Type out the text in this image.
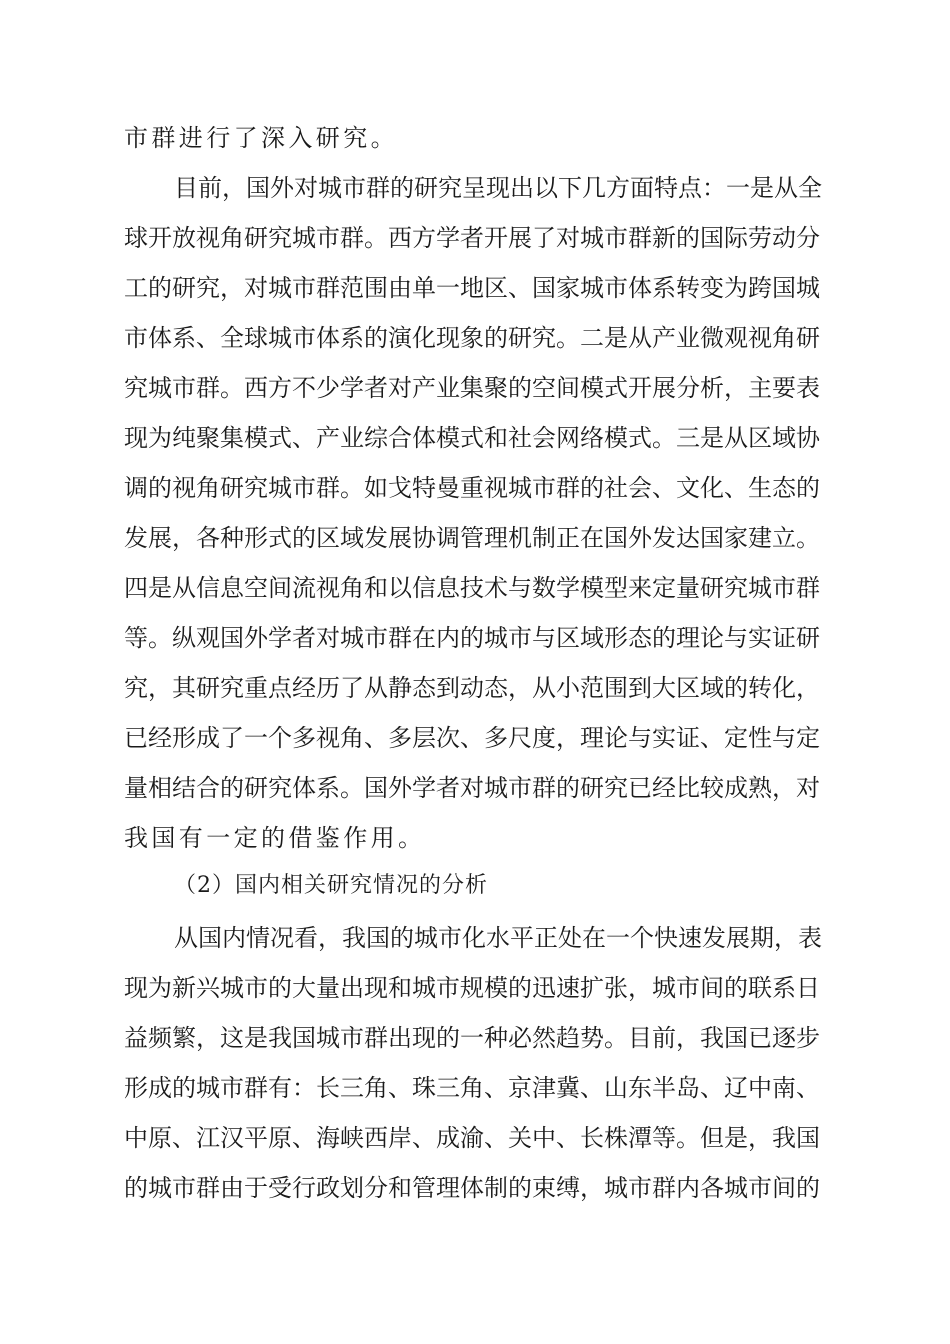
市群进行了深入研究。
目前，国外对城市群的研究呈现出以下几方面特点：一是从全
球开放视角研究城市群。西方学者开展了对城市群新的国际劳动分
工的研究，对城市群范围由单一地区、国家城市体系转变为跨国城
市体系、全球城市体系的演化现象的研究。二是从产业微观视角研
究城市群。西方不少学者对产业集聚的空间模式开展分析，主要表
现为纯聚集模式、产业综合体模式和社会网络模式。三是从区域协
调的视角研究城市群。如戈特曼重视城市群的社会、文化、生态的
发展，各种形式的区域发展协调管理机制正在国外发达国家建立。
四是从信息空间流视角和以信息技术与数学模型来定量研究城市群
等。纵观国外学者对城市群在内的城市与区域形态的理论与实证研
究，其研究重点经历了从静态到动态，从小范围到大区域的转化，
已经形成了一个多视角、多层次、多尺度，理论与实证、定性与定
量相结合的研究体系。国外学者对城市群的研究已经比较成熟，对
我国有一定的借鉴作用。
（2）国内相关研究情况的分析
从国内情况看，我国的城市化水平正处在一个快速发展期，表
现为新兴城市的大量出现和城市规模的迅速扩张，城市间的联系日
益频繁，这是我国城市群出现的一种必然趋势。目前，我国已逐步
形成的城市群有：长三角、珠三角、京津冀、山东半岛、辽中南、
中原、江汉平原、海峡西岸、成渝、关中、长株潭等。但是，我国
的城市群由于受行政划分和管理体制的束缚，城市群内各城市间的
